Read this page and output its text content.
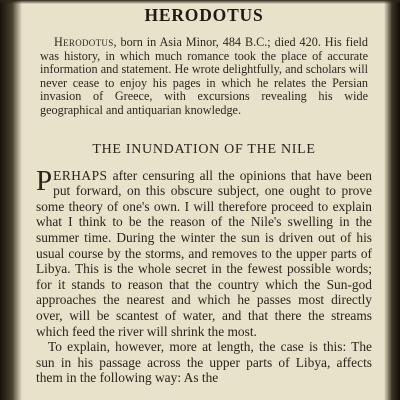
HERODOTUS
Herodotus, born in Asia Minor, 484 B.C.; died 420. His field was history, in which much romance took the place of accurate information and statement. He wrote delightfully, and scholars will never cease to enjoy his pages in which he relates the Persian invasion of Greece, with excursions revealing his wide geographical and antiquarian knowledge.
THE INUNDATION OF THE NILE

PERHAPS after censuring all the opinions that have been put forward, on this obscure subject, one ought to prove some theory of one's own. I will therefore proceed to explain what I think to be the reason of the Nile's swelling in the summer time. During the winter the sun is driven out of his usual course by the storms, and removes to the upper parts of Libya. This is the whole secret in the fewest possible words; for it stands to reason that the country which the Sun-god approaches the nearest and which he passes most directly over, will be scantest of water, and that there the streams which feed the river will shrink the most.

To explain, however, more at length, the case is this: The sun in his passage across the upper parts of Libya, affects them in the following way: As the
